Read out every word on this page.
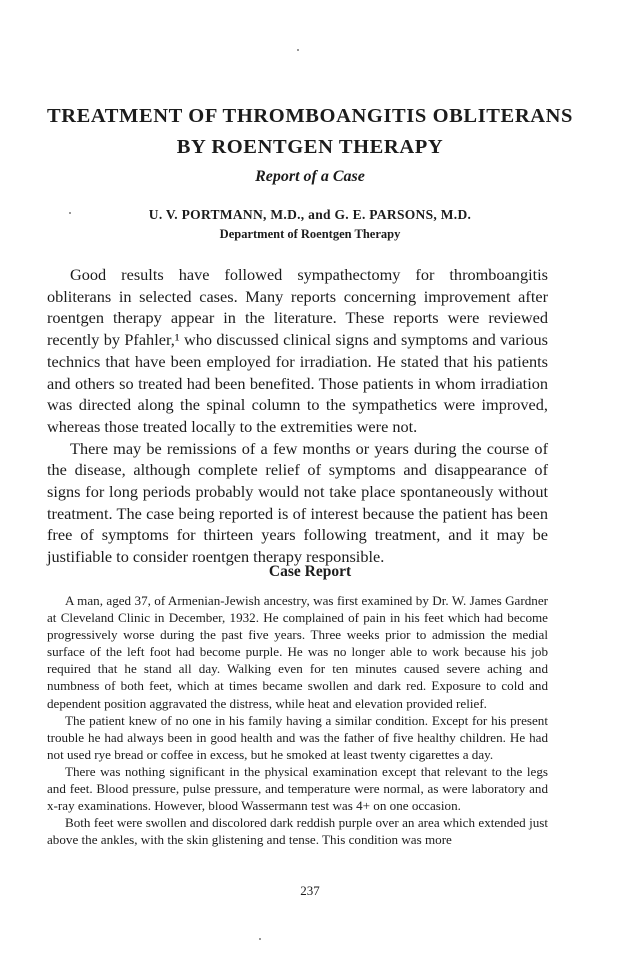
TREATMENT OF THROMBOANGITIS OBLITERANS
BY ROENTGEN THERAPY
Report of a Case
U. V. PORTMANN, M.D., and G. E. PARSONS, M.D.
Department of Roentgen Therapy

Good results have followed sympathectomy for thromboangitis obliterans in selected cases. Many reports concerning improvement after roentgen therapy appear in the literature. These reports were reviewed recently by Pfahler,¹ who discussed clinical signs and symptoms and various technics that have been employed for irradiation. He stated that his patients and others so treated had been benefited. Those patients in whom irradiation was directed along the spinal column to the sympathetics were improved, whereas those treated locally to the extremities were not.

There may be remissions of a few months or years during the course of the disease, although complete relief of symptoms and disappearance of signs for long periods probably would not take place spontaneously without treatment. The case being reported is of interest because the patient has been free of symptoms for thirteen years following treatment, and it may be justifiable to consider roentgen therapy responsible.

Case Report

A man, aged 37, of Armenian-Jewish ancestry, was first examined by Dr. W. James Gardner at Cleveland Clinic in December, 1932. He complained of pain in his feet which had become progressively worse during the past five years. Three weeks prior to admission the medial surface of the left foot had become purple. He was no longer able to work because his job required that he stand all day. Walking even for ten minutes caused severe aching and numbness of both feet, which at times became swollen and dark red. Exposure to cold and dependent position aggravated the distress, while heat and elevation provided relief.

The patient knew of no one in his family having a similar condition. Except for his present trouble he had always been in good health and was the father of five healthy children. He had not used rye bread or coffee in excess, but he smoked at least twenty cigarettes a day.

There was nothing significant in the physical examination except that relevant to the legs and feet. Blood pressure, pulse pressure, and temperature were normal, as were laboratory and x-ray examinations. However, blood Wassermann test was 4+ on one occasion.

Both feet were swollen and discolored dark reddish purple over an area which extended just above the ankles, with the skin glistening and tense. This condition was more

237
